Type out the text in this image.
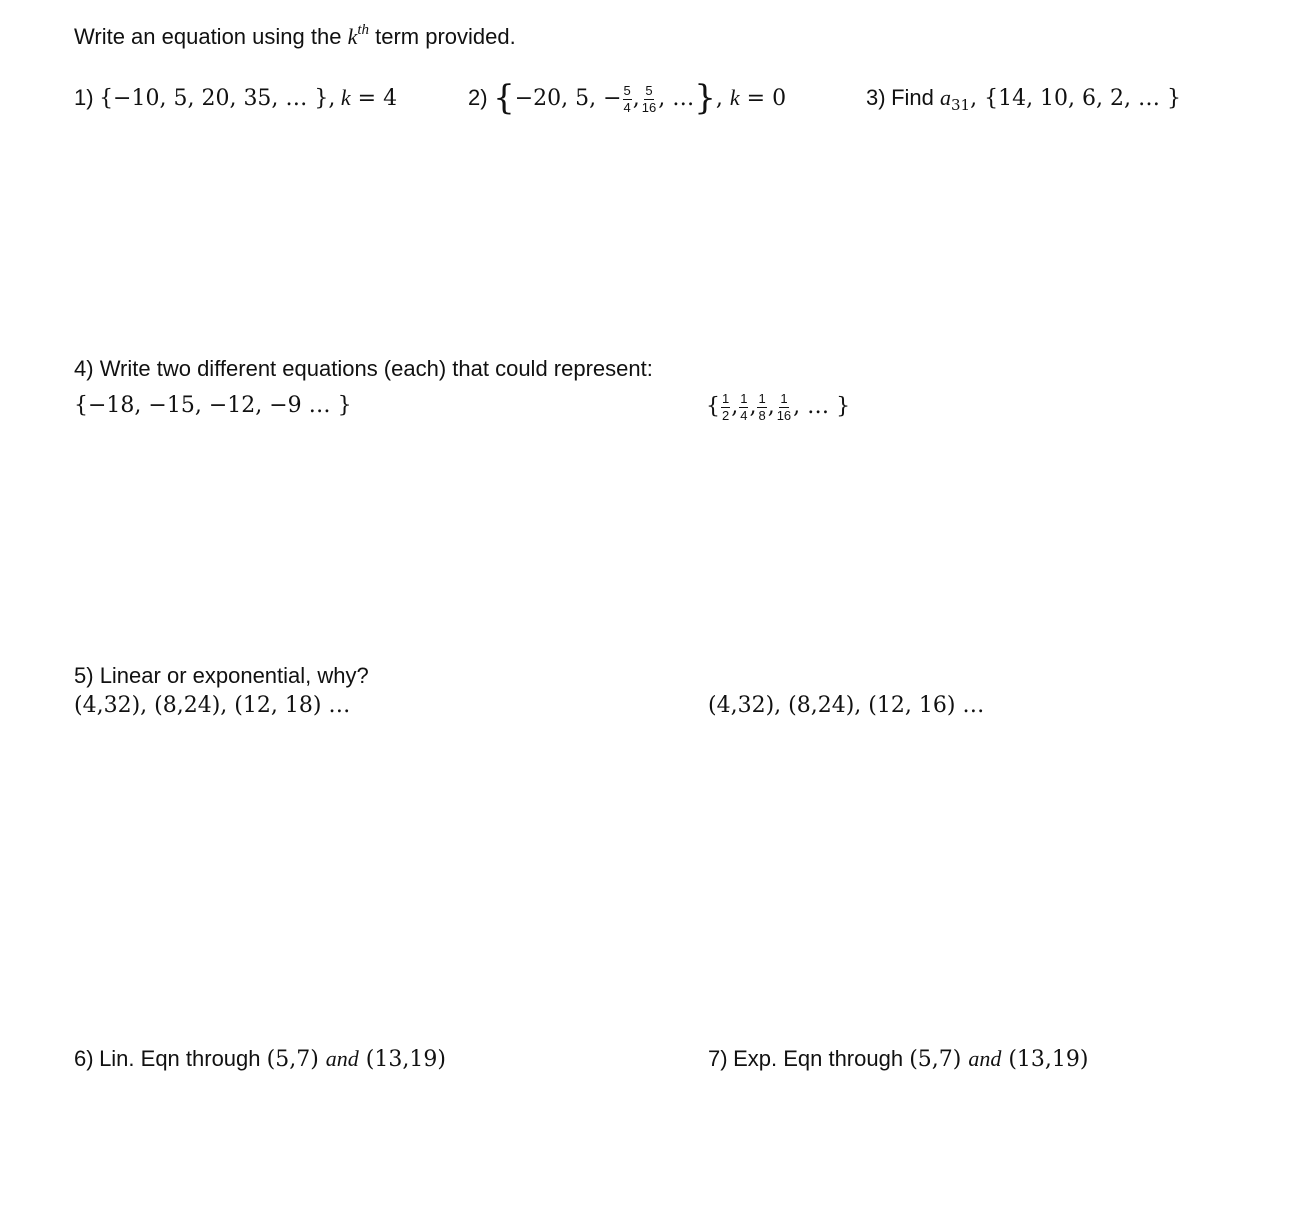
Write an equation using the $k^{th}$ term provided.
1) {−10, 5, 20, 35, … }, k = 4	2) {−20, 5, − $\frac{5}{4}$ , $\frac{5}{16}$ , …}, k = 0	3) Find $a_{31}$, {14, 10, 6, 2, … }
4) Write two different equations (each) that could represent:
{−18, −15, −12, −9 … }	{ $\frac{1}{2}$ , $\frac{1}{4}$ , $\frac{1}{8}$ , $\frac{1}{16}$ , … }
5) Linear or exponential, why?
(4,32), (8,24), (12, 18) …	(4,32), (8,24), (12, 16) …
6) Lin. Eqn through (5,7) and (13,19)	7) Exp. Eqn through (5,7) and (13,19)
